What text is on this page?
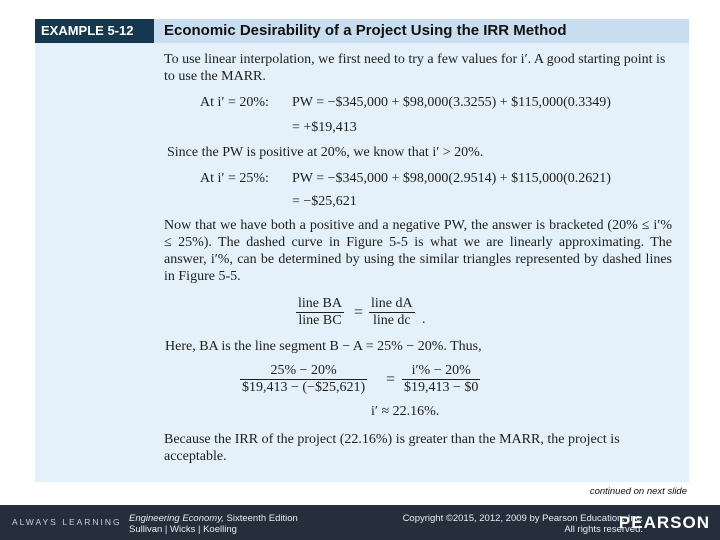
EXAMPLE 5-12	Economic Desirability of a Project Using the IRR Method
To use linear interpolation, we first need to try a few values for i′. A good starting point is to use the MARR.
At i′ = 20%: PW = −$345,000 + $98,000(3.3255) + $115,000(0.3349)
= +$19,413
Since the PW is positive at 20%, we know that i′ > 20%.
At i′ = 25%: PW = −$345,000 + $98,000(2.9514) + $115,000(0.2621)
= −$25,621
Now that we have both a positive and a negative PW, the answer is bracketed (20% ≤ i′% ≤ 25%). The dashed curve in Figure 5-5 is what we are linearly approximating. The answer, i′%, can be determined by using the similar triangles represented by dashed lines in Figure 5-5.
line BA
line BC =
line dA
line dc .
Here, BA is the line segment B − A = 25% − 20%. Thus,
$\frac{25\% - 20\%}{\$19,413 - (-\$25,621)} = \frac{i'\% - 20\%}{\$19,413 - \$0}$
i′ ≈ 22.16%.
Because the IRR of the project (22.16%) is greater than the MARR, the project is acceptable.
continued on next slide
ALWAYS LEARNING Engineering Economy, Sixteenth Edition
Sullivan | Wicks | Koelling
Copyright ©2015, 2012, 2009 by Pearson Education, Inc.
All rights reserved.
PEARSON
